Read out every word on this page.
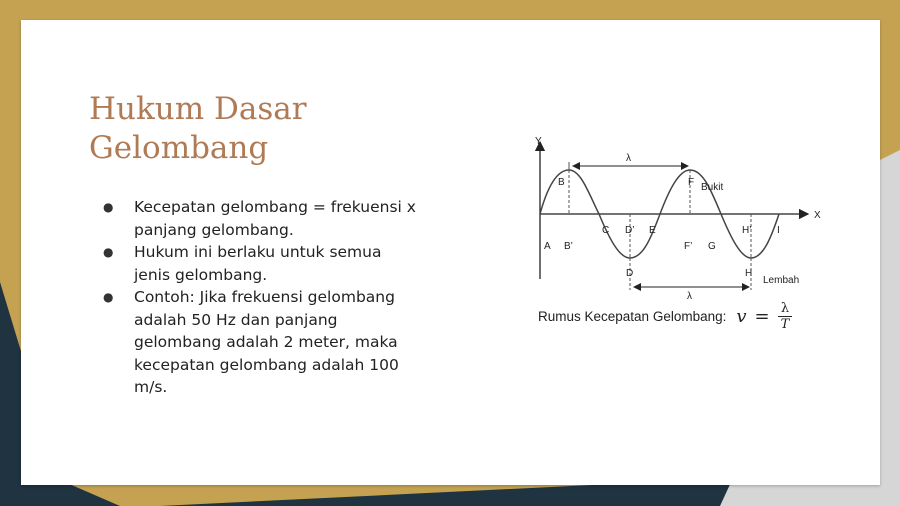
Hukum Dasar
Gelombang
● Kecepatan gelombang = frekuensi x panjang gelombang.
● Hukum ini berlaku untuk semua jenis gelombang.
● Contoh: Jika frekuensi gelombang adalah 50 Hz dan panjang gelombang adalah 2 meter, maka kecepatan gelombang adalah 100 m/s.
Y
X
λ
λ
A
B
B’
C D’ E
D
F
F’ G
H’
H
I
Bukit
Lembah
Rumus Kecepatan Gelombang: $v = \frac{\lambda}{T}$
